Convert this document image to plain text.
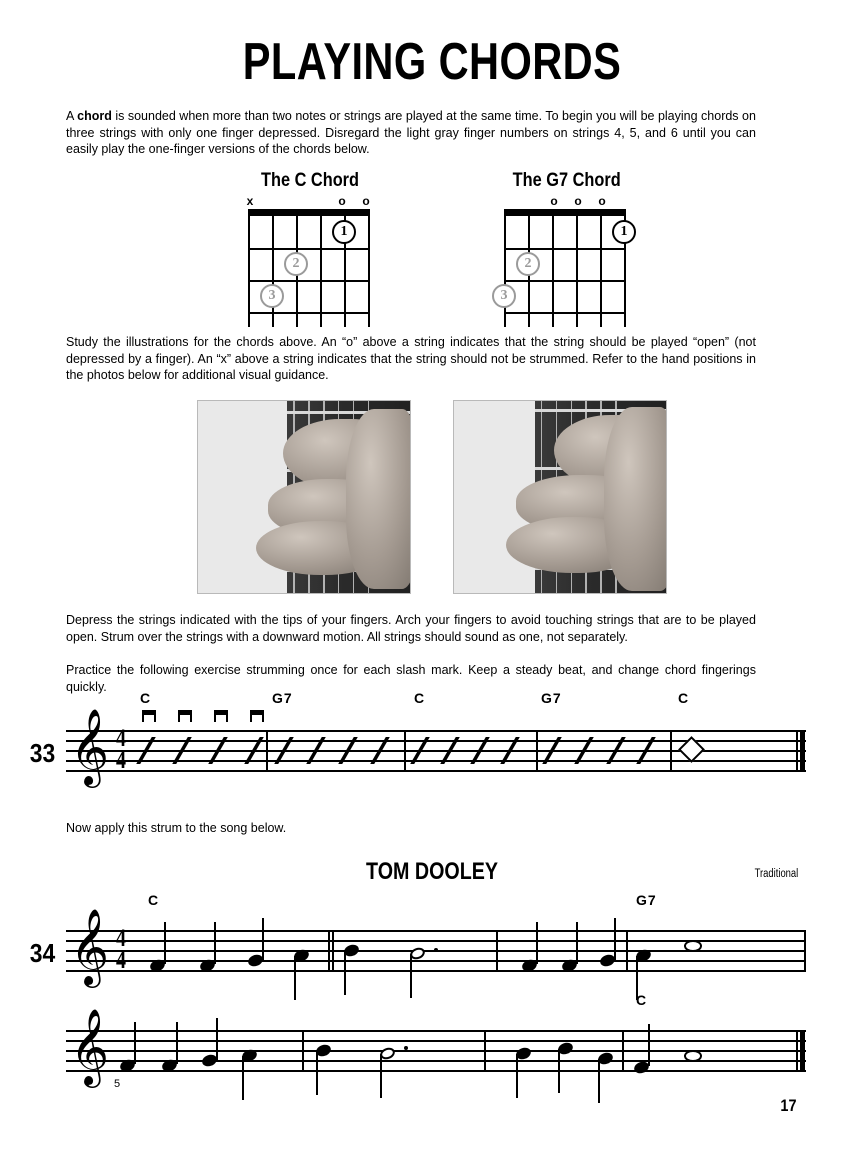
PLAYING CHORDS
A chord is sounded when more than two notes or strings are played at the same time. To begin you will be playing chords on three strings with only one finger depressed. Disregard the light gray finger numbers on strings 4, 5, and 6 until you can easily play the one-finger versions of the chords below.
The C Chord
x	o o
1
2
3
The G7 Chord
o o o
1
2
3
Study the illustrations for the chords above. An “o” above a string indicates that the string should be played “open” (not depressed by a finger). An “x” above a string indicates that the string should not be strummed. Refer to the hand positions in the photos below for additional visual guidance.
Depress the strings indicated with the tips of your fingers. Arch your fingers to avoid touching strings that are to be played open. Strum over the strings with a downward motion. All strings should sound as one, not separately.
Practice the following exercise strumming once for each slash mark. Keep a steady beat, and change chord fingerings quickly.
33 𝄞 4
4
C	G7	C	G7	C
Now apply this strum to the song below.
TOM DOOLEY	Traditional
34 𝄞 4
4
C	G7
𝄞 5
C
17
